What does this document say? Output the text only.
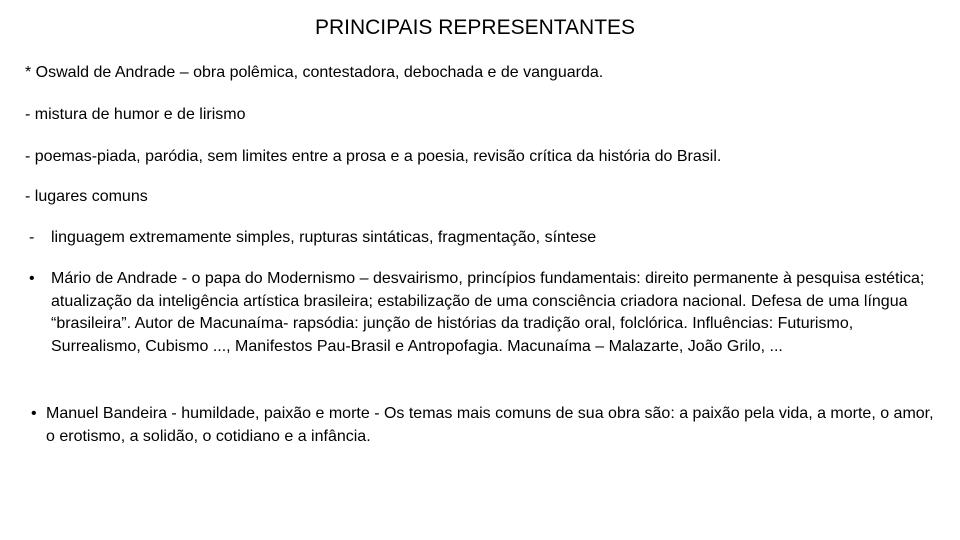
PRINCIPAIS REPRESENTANTES
* Oswald de Andrade – obra polêmica, contestadora, debochada e de vanguarda.
- mistura de humor e de lirismo
- poemas-piada, paródia, sem limites entre a prosa e a poesia, revisão crítica da história do Brasil.
- lugares comuns
- linguagem extremamente simples, rupturas sintáticas, fragmentação, síntese
• Mário de Andrade - o papa do Modernismo – desvairismo, princípios fundamentais: direito permanente à pesquisa estética; atualização da inteligência artística brasileira; estabilização de uma consciência criadora nacional. Defesa de uma língua “brasileira”. Autor de Macunaíma- rapsódia: junção de histórias da tradição oral, folclórica. Influências: Futurismo, Surrealismo, Cubismo ..., Manifestos Pau-Brasil e Antropofagia. Macunaíma – Malazarte, João Grilo, ...
• Manuel Bandeira - humildade, paixão e morte - Os temas mais comuns de sua obra são: a paixão pela vida, a morte, o amor, o erotismo, a solidão, o cotidiano e a infância.
